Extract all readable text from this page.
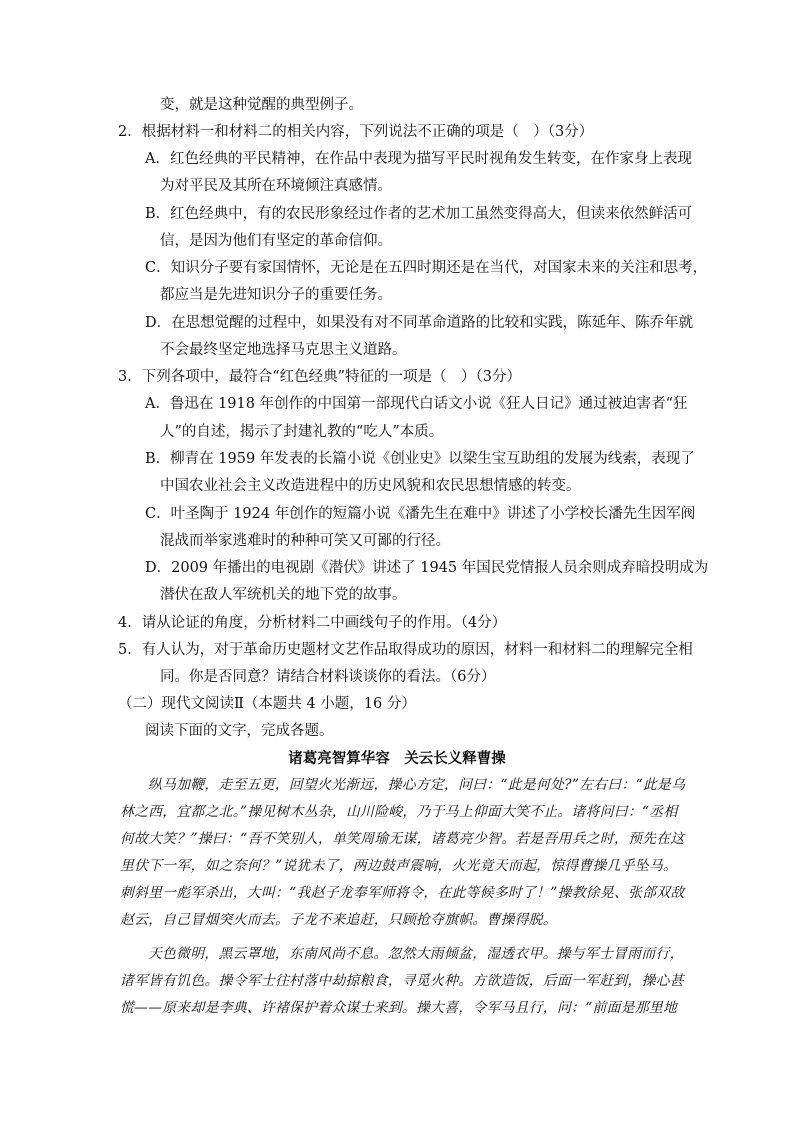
变，就是这种觉醒的典型例子。
2．根据材料一和材料二的相关内容，下列说法不正确的项是（　）（3分）
A．红色经典的平民精神，在作品中表现为描写平民时视角发生转变，在作家身上表现
为对平民及其所在环境倾注真感情。
B．红色经典中，有的农民形象经过作者的艺术加工虽然变得高大，但读来依然鲜活可
信，是因为他们有坚定的革命信仰。
C．知识分子要有家国情怀，无论是在五四时期还是在当代，对国家未来的关注和思考，
都应当是先进知识分子的重要任务。
D．在思想觉醒的过程中，如果没有对不同革命道路的比较和实践，陈延年、陈乔年就
不会最终坚定地选择马克思主义道路。
3．下列各项中，最符合“红色经典”特征的一项是（　）（3分）
A．鲁迅在 1918 年创作的中国第一部现代白话文小说《狂人日记》通过被迫害者“狂
人”的自述，揭示了封建礼教的“吃人”本质。
B．柳青在 1959 年发表的长篇小说《创业史》以梁生宝互助组的发展为线索，表现了
中国农业社会主义改造进程中的历史风貌和农民思想情感的转变。
C．叶圣陶于 1924 年创作的短篇小说《潘先生在难中》讲述了小学校长潘先生因军阀
混战而举家逃难时的种种可笑又可鄙的行径。
D．2009 年播出的电视剧《潜伏》讲述了 1945 年国民党情报人员余则成弃暗投明成为
潜伏在敌人军统机关的地下党的故事。
4．请从论证的角度，分析材料二中画线句子的作用。（4分）
5．有人认为，对于革命历史题材文艺作品取得成功的原因，材料一和材料二的理解完全相
同。你是否同意？请结合材料谈谈你的看法。（6分）
（二）现代文阅读Ⅱ（本题共 4 小题，16 分）
阅读下面的文字，完成各题。
诸葛亮智算华容　关云长义释曹操
纵马加鞭，走至五更，回望火光渐远，操心方定，问曰：“此是何处?”左右曰：“此是乌
林之西，宜都之北。”操见树木丛杂，山川险峻，乃于马上仰面大笑不止。诸将问曰：“丞相
何故大笑？”操曰：“吾不笑别人，单笑周瑜无谋，诸葛亮少智。若是吾用兵之时，预先在这
里伏下一军，如之奈何？”说犹未了，两边鼓声震响，火光竟天而起，惊得曹操几乎坠马。
刺斜里一彪军杀出，大叫：“我赵子龙奉军师将令，在此等候多时了！”操教徐晃、张郃双敌
赵云，自己冒烟突火而去。子龙不来追赶，只顾抢夺旗帜。曹操得脱。
天色微明，黑云罩地，东南风尚不息。忽然大雨倾盆，湿透衣甲。操与军士冒雨而行，
诸军皆有饥色。操令军士往村落中劫掠粮食，寻觅火种。方欲造饭，后面一军赶到，操心甚
慌——原来却是李典、许褚保护着众谋士来到。操大喜，令军马且行，问：“前面是那里地
